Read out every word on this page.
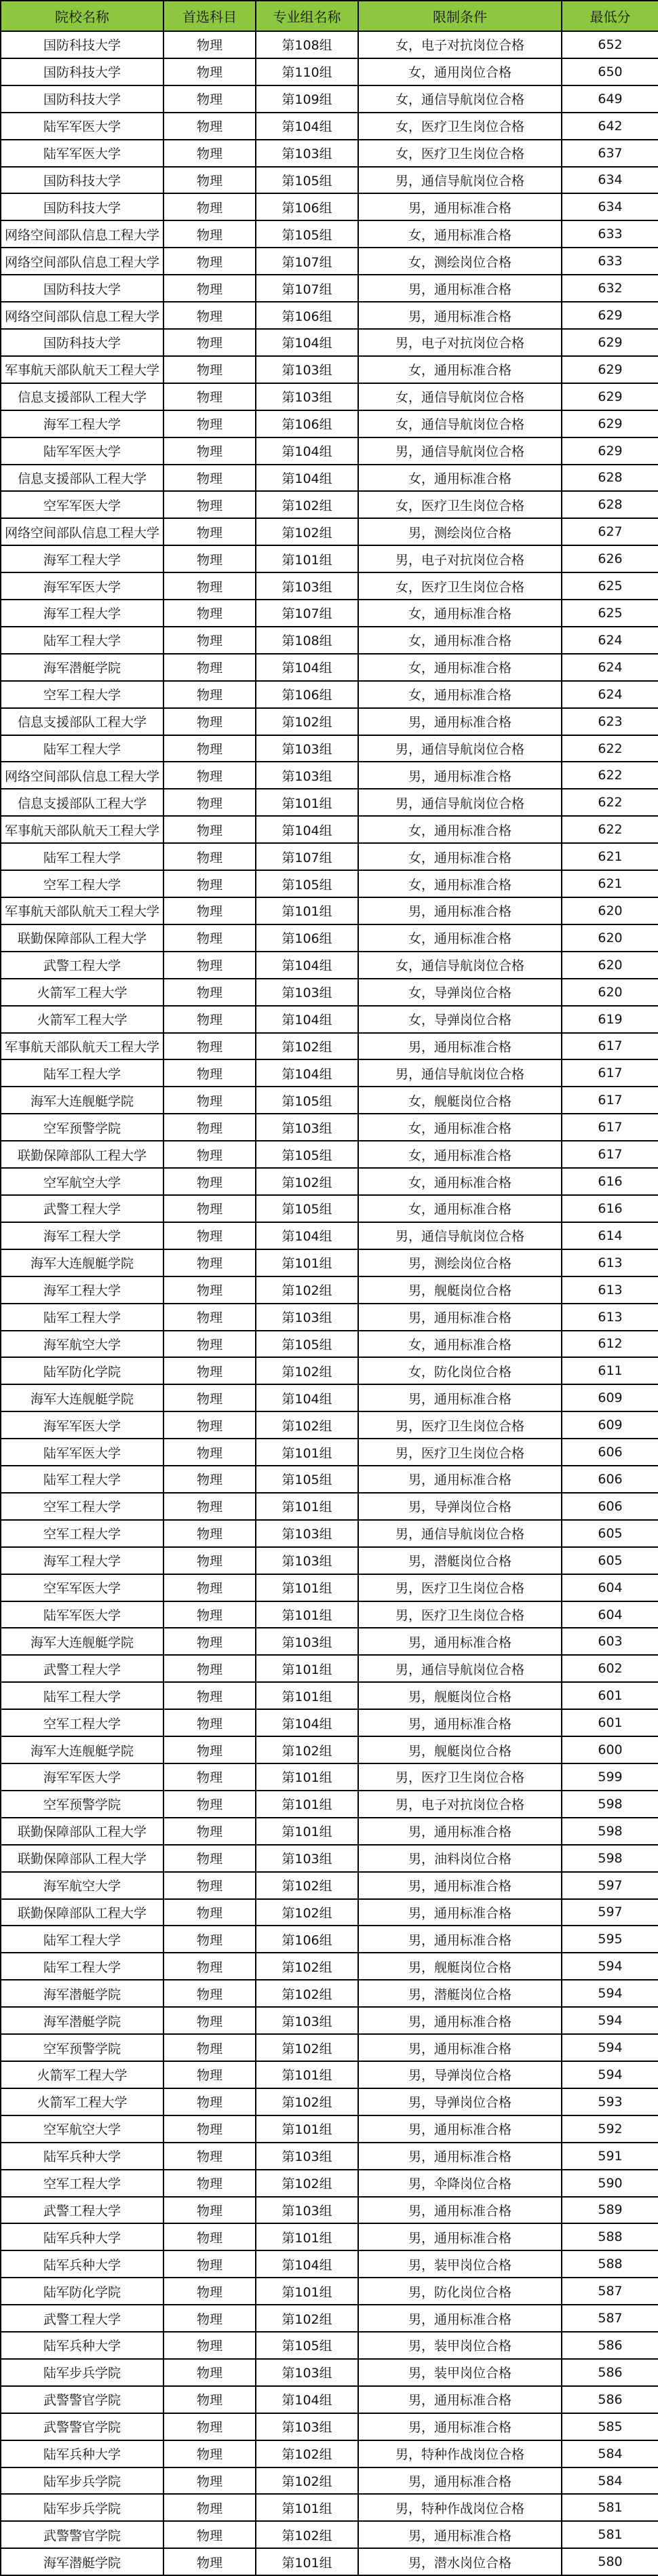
院校名称	首选科目	专业组名称	限制条件	最低分
国防科技大学	物理	第108组	女，电子对抗岗位合格	652
国防科技大学	物理	第110组	女，通用岗位合格	650
国防科技大学	物理	第109组	女，通信导航岗位合格	649
陆军军医大学	物理	第104组	女，医疗卫生岗位合格	642
陆军军医大学	物理	第103组	女，医疗卫生岗位合格	637
国防科技大学	物理	第105组	男，通信导航岗位合格	634
国防科技大学	物理	第106组	男，通用标准合格	634
网络空间部队信息工程大学	物理	第105组	女，通用标准合格	633
网络空间部队信息工程大学	物理	第107组	女，测绘岗位合格	633
国防科技大学	物理	第107组	男，通用标准合格	632
网络空间部队信息工程大学	物理	第106组	男，通用标准合格	629
国防科技大学	物理	第104组	男，电子对抗岗位合格	629
军事航天部队航天工程大学	物理	第103组	女，通用标准合格	629
信息支援部队工程大学	物理	第103组	女，通信导航岗位合格	629
海军工程大学	物理	第106组	女，通信导航岗位合格	629
陆军军医大学	物理	第104组	男，通信导航岗位合格	629
信息支援部队工程大学	物理	第104组	女，通用标准合格	628
空军军医大学	物理	第102组	女，医疗卫生岗位合格	628
网络空间部队信息工程大学	物理	第102组	男，测绘岗位合格	627
海军工程大学	物理	第101组	男，电子对抗岗位合格	626
海军军医大学	物理	第103组	女，医疗卫生岗位合格	625
海军工程大学	物理	第107组	女，通用标准合格	625
陆军工程大学	物理	第108组	女，通用标准合格	624
海军潜艇学院	物理	第104组	女，通用标准合格	624
空军工程大学	物理	第106组	女，通用标准合格	624
信息支援部队工程大学	物理	第102组	男，通用标准合格	623
陆军工程大学	物理	第103组	男，通信导航岗位合格	622
网络空间部队信息工程大学	物理	第103组	男，通用标准合格	622
信息支援部队工程大学	物理	第101组	男，通信导航岗位合格	622
军事航天部队航天工程大学	物理	第104组	女，通用标准合格	622
陆军工程大学	物理	第107组	女，通用标准合格	621
空军工程大学	物理	第105组	女，通用标准合格	621
军事航天部队航天工程大学	物理	第101组	男，通用标准合格	620
联勤保障部队工程大学	物理	第106组	女，通用标准合格	620
武警工程大学	物理	第104组	女，通信导航岗位合格	620
火箭军工程大学	物理	第103组	女，导弹岗位合格	620
火箭军工程大学	物理	第104组	女，导弹岗位合格	619
军事航天部队航天工程大学	物理	第102组	男，通用标准合格	617
陆军工程大学	物理	第104组	男，通信导航岗位合格	617
海军大连舰艇学院	物理	第105组	女，舰艇岗位合格	617
空军预警学院	物理	第103组	女，通用标准合格	617
联勤保障部队工程大学	物理	第105组	女，通用标准合格	617
空军航空大学	物理	第102组	女，通用标准合格	616
武警工程大学	物理	第105组	女，通用标准合格	616
海军工程大学	物理	第104组	男，通信导航岗位合格	614
海军大连舰艇学院	物理	第101组	男，测绘岗位合格	613
海军工程大学	物理	第102组	男，舰艇岗位合格	613
陆军工程大学	物理	第103组	男，通用标准合格	613
海军航空大学	物理	第105组	女，通用标准合格	612
陆军防化学院	物理	第102组	女，防化岗位合格	611
海军大连舰艇学院	物理	第104组	男，通用标准合格	609
海军军医大学	物理	第102组	男，医疗卫生岗位合格	609
陆军军医大学	物理	第101组	男，医疗卫生岗位合格	606
陆军工程大学	物理	第105组	男，通用标准合格	606
空军工程大学	物理	第101组	男，导弹岗位合格	606
空军工程大学	物理	第103组	男，通信导航岗位合格	605
海军工程大学	物理	第103组	男，潜艇岗位合格	605
空军军医大学	物理	第101组	男，医疗卫生岗位合格	604
陆军军医大学	物理	第101组	男，医疗卫生岗位合格	604
海军大连舰艇学院	物理	第103组	男，通用标准合格	603
武警工程大学	物理	第101组	男，通信导航岗位合格	602
陆军工程大学	物理	第101组	男，舰艇岗位合格	601
空军工程大学	物理	第104组	男，通用标准合格	601
海军大连舰艇学院	物理	第102组	男，舰艇岗位合格	600
海军军医大学	物理	第101组	男，医疗卫生岗位合格	599
空军预警学院	物理	第101组	男，电子对抗岗位合格	598
联勤保障部队工程大学	物理	第101组	男，通用标准合格	598
联勤保障部队工程大学	物理	第103组	男，油料岗位合格	598
海军航空大学	物理	第102组	男，通用标准合格	597
联勤保障部队工程大学	物理	第102组	男，通用标准合格	597
陆军工程大学	物理	第106组	男，通用标准合格	595
陆军工程大学	物理	第102组	男，舰艇岗位合格	594
海军潜艇学院	物理	第102组	男，潜艇岗位合格	594
海军潜艇学院	物理	第103组	男，通用标准合格	594
空军预警学院	物理	第102组	男，通用标准合格	594
火箭军工程大学	物理	第101组	男，导弹岗位合格	594
火箭军工程大学	物理	第102组	男，导弹岗位合格	593
空军航空大学	物理	第101组	男，通用标准合格	592
陆军兵种大学	物理	第103组	男，通用标准合格	591
空军工程大学	物理	第102组	男，伞降岗位合格	590
武警工程大学	物理	第103组	男，通用标准合格	589
陆军兵种大学	物理	第101组	男，通用标准合格	588
陆军兵种大学	物理	第104组	男，装甲岗位合格	588
陆军防化学院	物理	第101组	男，防化岗位合格	587
武警工程大学	物理	第102组	男，通用标准合格	587
陆军兵种大学	物理	第105组	男，装甲岗位合格	586
陆军步兵学院	物理	第103组	男，装甲岗位合格	586
武警警官学院	物理	第104组	男，通用标准合格	586
武警警官学院	物理	第103组	男，通用标准合格	585
陆军兵种大学	物理	第102组	男，特种作战岗位合格	584
陆军步兵学院	物理	第102组	男，通用标准合格	584
陆军步兵学院	物理	第101组	男，特种作战岗位合格	581
武警警官学院	物理	第102组	男，通用标准合格	581
海军潜艇学院	物理	第101组	男，潜水岗位合格	580
